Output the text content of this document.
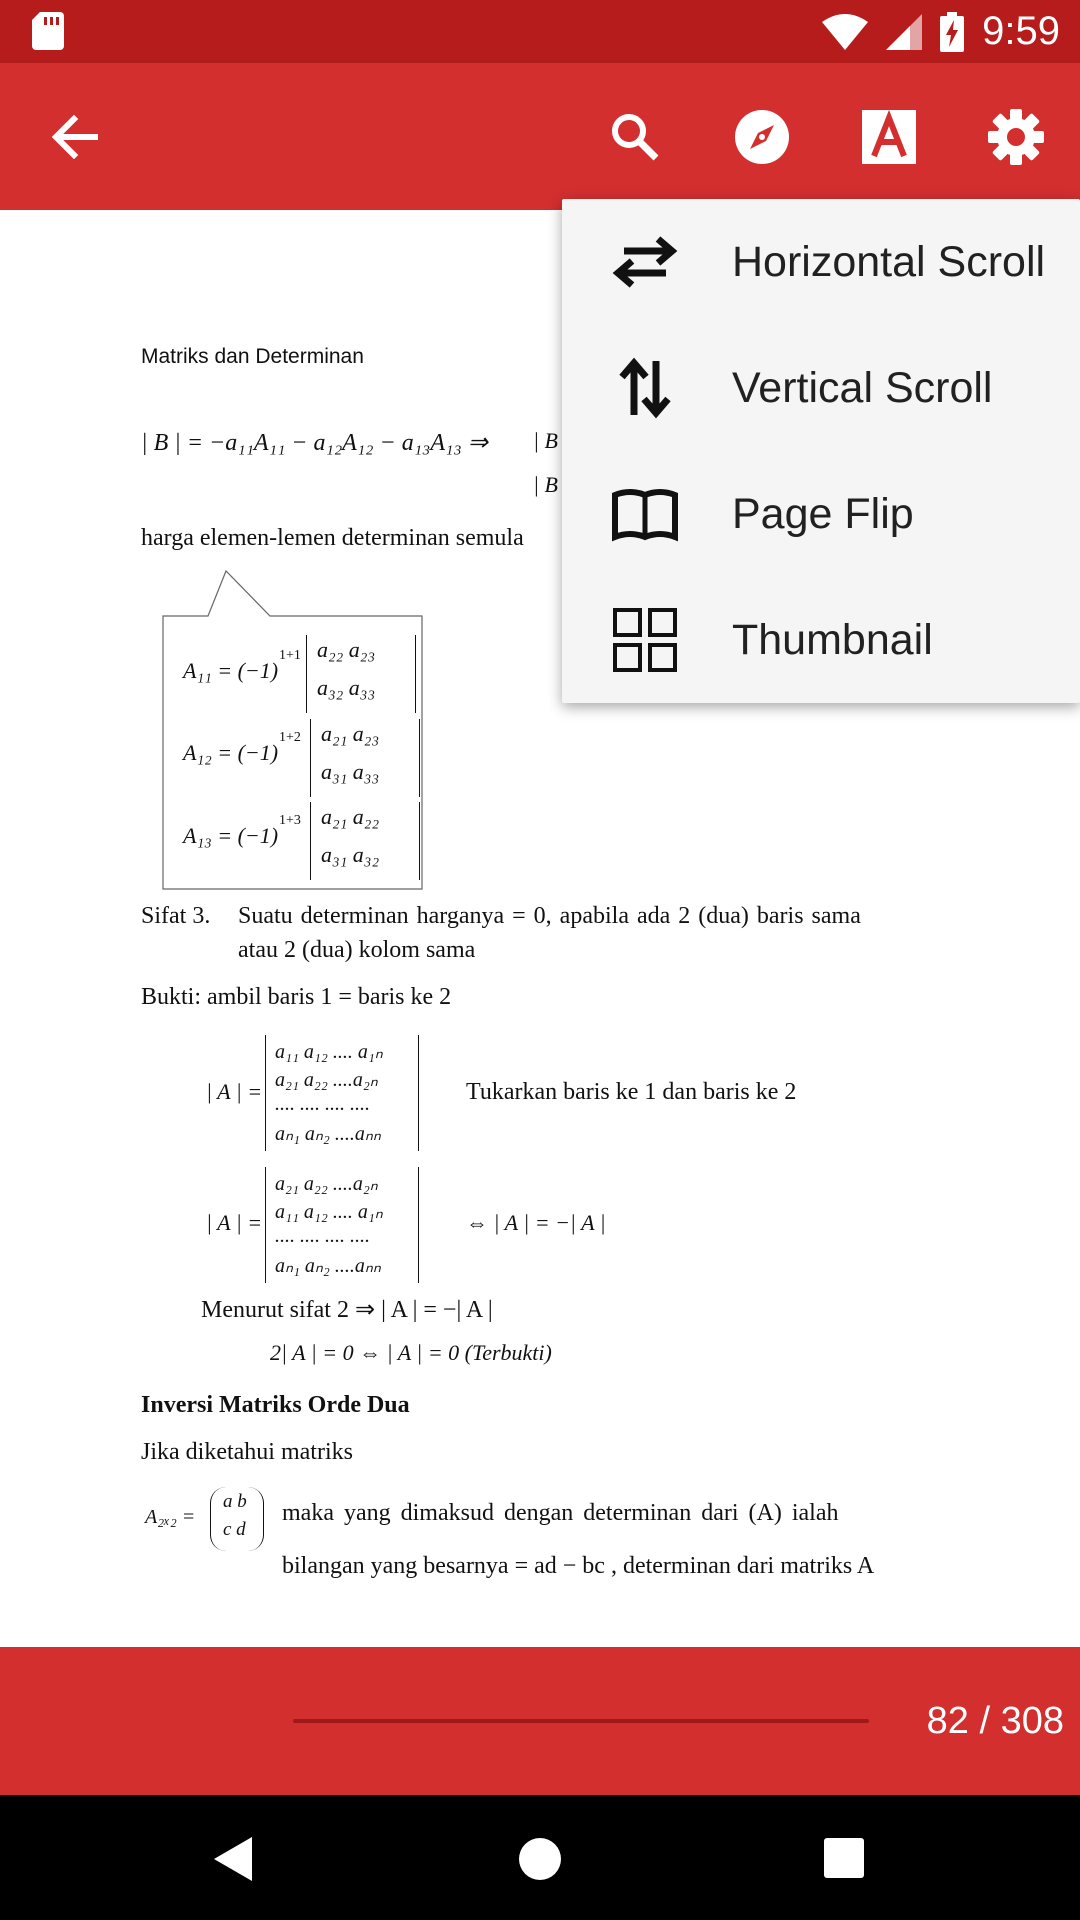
9:59
Matriks dan Determinan
| B | = −a₁₁A₁₁ − a₁₂A₁₂ − a₁₃A₁₃ ⇒ | B
| B
harga elemen-lemen determinan semula
A₁₁ = (−1)
1+1 a₂₂ a₂₃
a₃₂ a₃₃
A₁₂ = (−1)
1+2 a₂₁ a₂₃
a₃₁ a₃₃
A₁₃ = (−1)
1+3 a₂₁ a₂₂
a₃₁ a₃₂
Sifat 3. Suatu determinan harganya = 0, apabila ada 2 (dua) baris sama
atau 2 (dua) kolom sama
Bukti: ambil baris 1 = baris ke 2
| A | =
a₁₁ a₁₂ .... a₁ₙ
a₂₁ a₂₂ ....a₂ₙ
.... .... .... ....
aₙ₁ aₙ₂ ....aₙₙ
Tukarkan baris ke 1 dan baris ke 2
| A | =
a₂₁ a₂₂ ....a₂ₙ
a₁₁ a₁₂ .... a₁ₙ
.... .... .... ....
aₙ₁ aₙ₂ ....aₙₙ
⇔ | A | = −| A |
Menurut sifat 2 ⇒ | A | = −| A |
2| A | = 0 ⇔ | A | = 0 (Terbukti)
Inversi Matriks Orde Dua
Jika diketahui matriks
A₂ₓ₂ =
a b
c d
maka yang dimaksud dengan determinan dari (A) ialah
bilangan yang besarnya = ad − bc , determinan dari matriks A
Horizontal Scroll
Vertical Scroll
Page Flip
Thumbnail
82 / 308
